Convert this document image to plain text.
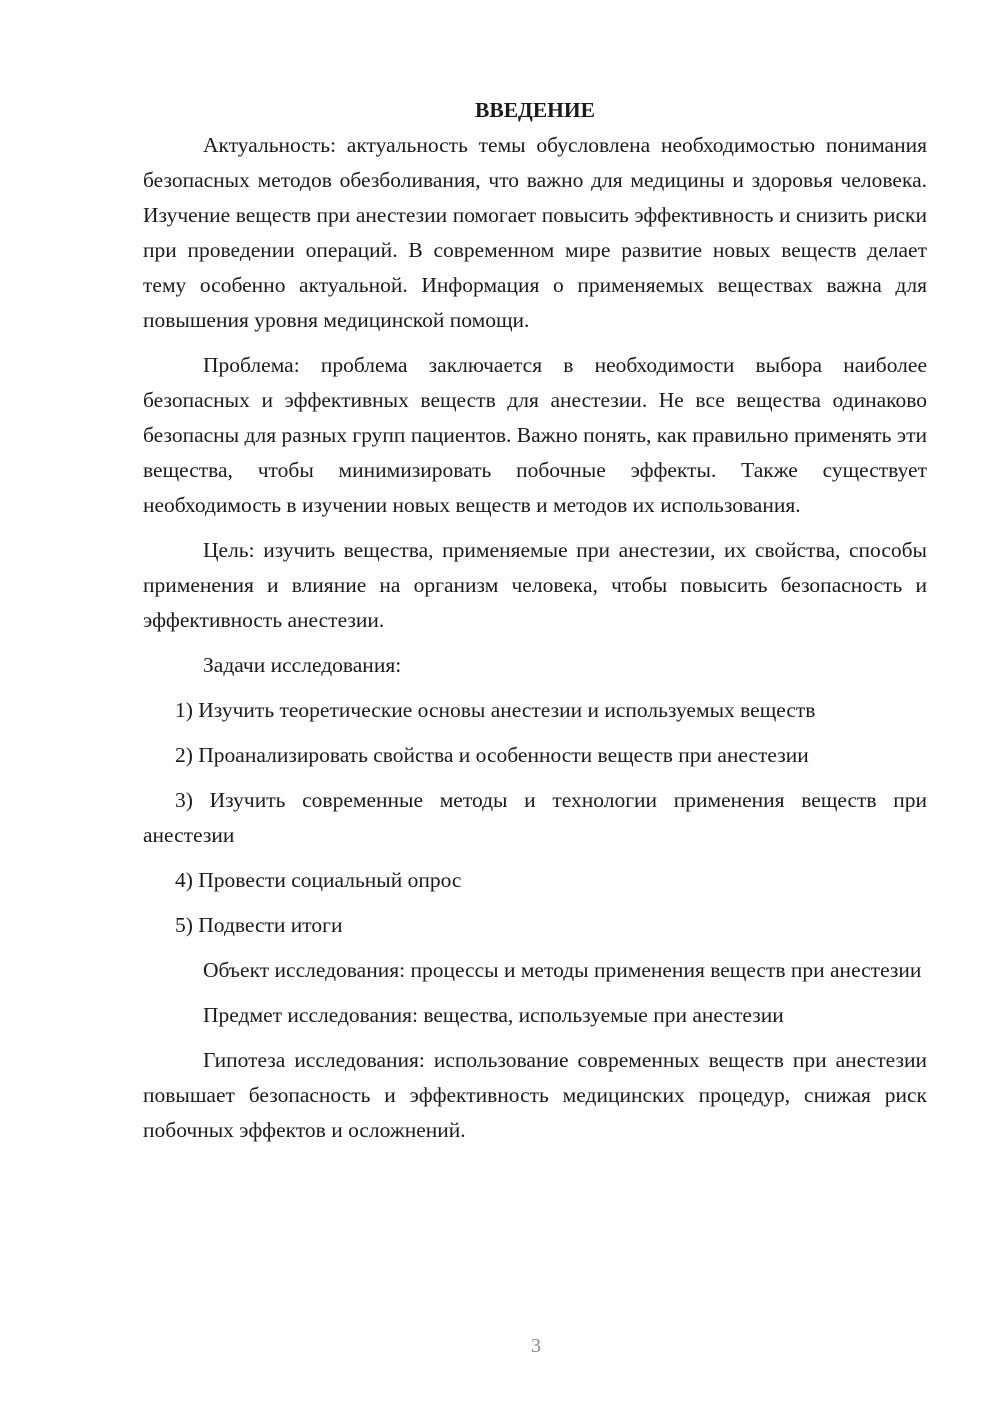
ВВЕДЕНИЕ

Актуальность: актуальность темы обусловлена необходимостью понимания безопасных методов обезболивания, что важно для медицины и здоровья человека. Изучение веществ при анестезии помогает повысить эффективность и снизить риски при проведении операций. В современном мире развитие новых веществ делает тему особенно актуальной. Информация о применяемых веществах важна для повышения уровня медицинской помощи.

Проблема: проблема заключается в необходимости выбора наиболее безопасных и эффективных веществ для анестезии. Не все вещества одинаково безопасны для разных групп пациентов. Важно понять, как правильно применять эти вещества, чтобы минимизировать побочные эффекты. Также существует необходимость в изучении новых веществ и методов их использования.

Цель: изучить вещества, применяемые при анестезии, их свойства, способы применения и влияние на организм человека, чтобы повысить безопасность и эффективность анестезии.

Задачи исследования:

1) Изучить теоретические основы анестезии и используемых веществ

2) Проанализировать свойства и особенности веществ при анестезии

3) Изучить современные методы и технологии применения веществ при анестезии

4) Провести социальный опрос

5) Подвести итоги

Объект исследования: процессы и методы применения веществ при анестезии

Предмет исследования: вещества, используемые при анестезии

Гипотеза исследования: использование современных веществ при анестезии повышает безопасность и эффективность медицинских процедур, снижая риск побочных эффектов и осложнений.

3
